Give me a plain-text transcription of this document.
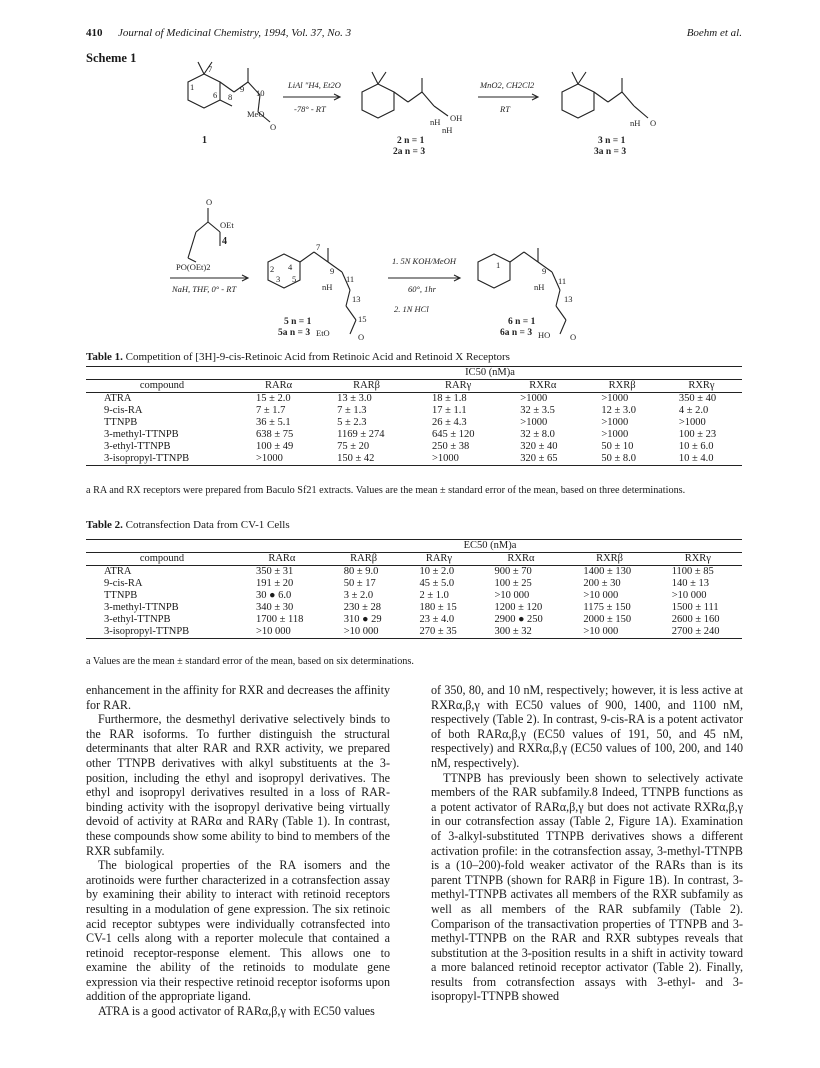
410 Journal of Medicinal Chemistry, 1994, Vol. 37, No. 3	Boehm et al.
Scheme 1
MeO
O
7
1
6 8
9 10
1
LiAl "H4, Et2O
-78° - RT
nH OH
nH
2 n = 1
2a n = 3
MnO2, CH2Cl2
RT
nH O
3 n = 1
3a n = 3
O
OEt
4
PO(OEt)2
NaH, THF, 0° - RT
2
3
4
5
7
9
11
13
15
nH
EtO	O
5 n = 1
5a n = 3
1. 5N KOH/MeOH
60°, 1hr
2. 1N HCl
1
9
11
13
nH
HO O
6 n = 1
6a n = 3
Table 1. Competition of [3H]-9-cis-Retinoic Acid from Retinoic Acid and Retinoid X Receptors
	IC50 (nM)a					
compound	RARα	RARβ	RARγ	RXRα	RXRβ	RXRγ
ATRA	15 ± 2.0	13 ± 3.0	18 ± 1.8	>1000	>1000	350 ± 40
9-cis-RA	7 ± 1.7	7 ± 1.3	17 ± 1.1	32 ± 3.5	12 ± 3.0	4 ± 2.0
TTNPB	36 ± 5.1	5 ± 2.3	26 ± 4.3	>1000	>1000	>1000
3-methyl-TTNPB	638 ± 75	1169 ± 274	645 ± 120	32 ± 8.0	>1000	100 ± 23
3-ethyl-TTNPB	100 ± 49	75 ± 20	250 ± 38	320 ± 40	50 ± 10	10 ± 6.0
3-isopropyl-TTNPB	>1000	150 ± 42	>1000	320 ± 65	50 ± 8.0	10 ± 4.0
a RA and RX receptors were prepared from Baculo Sf21 extracts. Values are the mean ± standard error of the mean, based on three determinations.
Table 2. Cotransfection Data from CV-1 Cells
	EC50 (nM)a					
compound	RARα	RARβ	RARγ	RXRα	RXRβ	RXRγ
ATRA	350 ± 31	80 ± 9.0	10 ± 2.0	900 ± 70	1400 ± 130	1100 ± 85
9-cis-RA	191 ± 20	50 ± 17	45 ± 5.0	100 ± 25	200 ± 30	140 ± 13
TTNPB	30 ● 6.0	3 ± 2.0	2 ± 1.0	>10 000	>10 000	>10 000
3-methyl-TTNPB	340 ± 30	230 ± 28	180 ± 15	1200 ± 120	1175 ± 150	1500 ± 111
3-ethyl-TTNPB	1700 ± 118	310 ● 29	23 ± 4.0	2900 ● 250	2000 ± 150	2600 ± 160
3-isopropyl-TTNPB	>10 000	>10 000	270 ± 35	300 ± 32	>10 000	2700 ± 240
a Values are the mean ± standard error of the mean, based on six determinations.

enhancement in the affinity for RXR and decreases the affinity for RAR.

Furthermore, the desmethyl derivative selectively binds to the RAR isoforms. To further distinguish the structural determinants that alter RAR and RXR activity, we prepared other TTNPB derivatives with alkyl substituents at the 3-position, including the ethyl and isopropyl derivatives. The ethyl and isopropyl derivatives resulted in a loss of RAR-binding activity with the isopropyl derivative being virtually devoid of activity at RARα and RARγ (Table 1). In contrast, these compounds show some ability to bind to members of the RXR subfamily.

The biological properties of the RA isomers and the arotinoids were further characterized in a cotransfection assay by examining their ability to interact with retinoid receptors resulting in a modulation of gene expression. The six retinoic acid receptor subtypes were individually cotransfected into CV-1 cells along with a reporter molecule that contained a retinoid receptor-response element. This allows one to examine the ability of the retinoids to modulate gene expression via their respective retinoid receptor isoforms upon addition of the appropriate ligand.

ATRA is a good activator of RARα,β,γ with EC50 values

of 350, 80, and 10 nM, respectively; however, it is less active at RXRα,β,γ with EC50 values of 900, 1400, and 1100 nM, respectively (Table 2). In contrast, 9-cis-RA is a potent activator of both RARα,β,γ (EC50 values of 191, 50, and 45 nM, respectively) and RXRα,β,γ (EC50 values of 100, 200, and 140 nM, respectively).

TTNPB has previously been shown to selectively activate members of the RAR subfamily.8 Indeed, TTNPB functions as a potent activator of RARα,β,γ but does not activate RXRα,β,γ in our cotransfection assay (Table 2, Figure 1A). Examination of 3-alkyl-substituted TTNPB derivatives shows a different activation profile: in the cotransfection assay, 3-methyl-TTNPB is a (10–200)-fold weaker activator of the RARs than is its parent TTNPB (shown for RARβ in Figure 1B). In contrast, 3-methyl-TTNPB activates all members of the RXR subfamily as well as all members of the RAR subfamily (Table 2). Comparison of the transactivation properties of TTNPB and 3-methyl-TTNPB on the RAR and RXR subtypes reveals that substitution at the 3-position results in a shift in activity toward a more balanced retinoid receptor activator (Table 2). Finally, results from cotransfection assays with 3-ethyl- and 3-isopropyl-TTNPB showed
